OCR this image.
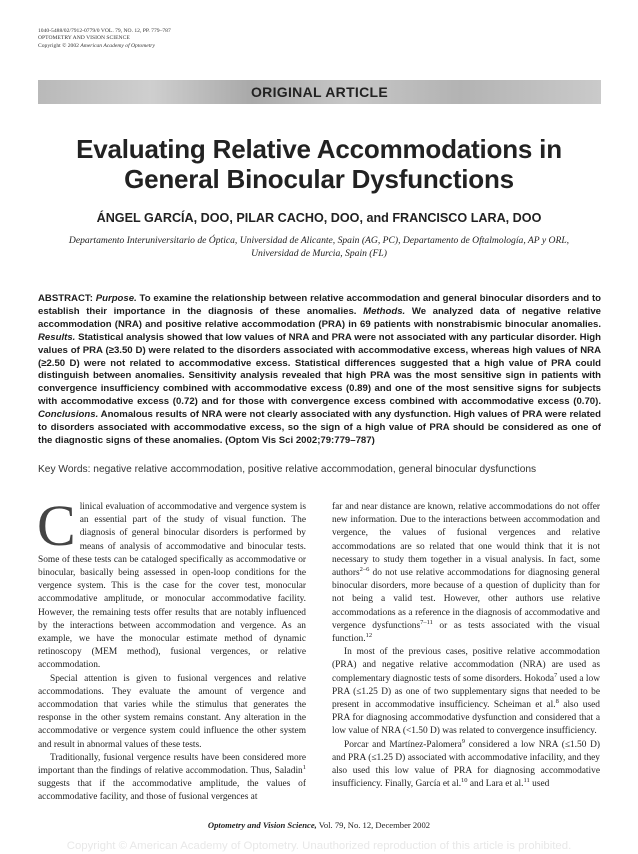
1040-5488/02/7912-0779/0 VOL. 79, NO. 12, PP. 779–787
OPTOMETRY AND VISION SCIENCE
Copyright © 2002 American Academy of Optometry
ORIGINAL ARTICLE
Evaluating Relative Accommodations in General Binocular Dysfunctions
ÁNGEL GARCÍA, DOO, PILAR CACHO, DOO, and FRANCISCO LARA, DOO
Departamento Interuniversitario de Óptica, Universidad de Alicante, Spain (AG, PC), Departamento de Oftalmología, AP y ORL, Universidad de Murcia, Spain (FL)
ABSTRACT: Purpose. To examine the relationship between relative accommodation and general binocular disorders and to establish their importance in the diagnosis of these anomalies. Methods. We analyzed data of negative relative accommodation (NRA) and positive relative accommodation (PRA) in 69 patients with nonstrabismic binocular anomalies. Results. Statistical analysis showed that low values of NRA and PRA were not associated with any particular disorder. High values of PRA (≥3.50 D) were related to the disorders associated with accommodative excess, whereas high values of NRA (≥2.50 D) were not related to accommodative excess. Statistical differences suggested that a high value of PRA could distinguish between anomalies. Sensitivity analysis revealed that high PRA was the most sensitive sign in patients with convergence insufficiency combined with accommodative excess (0.89) and one of the most sensitive signs for subjects with accommodative excess (0.72) and for those with convergence excess combined with accommodative excess (0.70). Conclusions. Anomalous results of NRA were not clearly associated with any dysfunction. High values of PRA were related to disorders associated with accommodative excess, so the sign of a high value of PRA should be considered as one of the diagnostic signs of these anomalies. (Optom Vis Sci 2002;79:779–787)
Key Words: negative relative accommodation, positive relative accommodation, general binocular dysfunctions

Clinical evaluation of accommodative and vergence system is an essential part of the study of visual function. The diagnosis of general binocular disorders is performed by means of analysis of accommodative and binocular tests. Some of these tests can be cataloged specifically as accommodative or binocular, basically being assessed in open-loop conditions for the vergence system. This is the case for the cover test, monocular accommodative amplitude, or monocular accommodative facility. However, the remaining tests offer results that are notably influenced by the interactions between accommodation and vergence. As an example, we have the monocular estimate method of dynamic retinoscopy (MEM method), fusional vergences, or relative accommodation.

Special attention is given to fusional vergences and relative accommodations. They evaluate the amount of vergence and accommodation that varies while the stimulus that generates the response in the other system remains constant. Any alteration in the accommodative or vergence system could influence the other system and result in abnormal values of these tests.

Traditionally, fusional vergence results have been considered more important than the findings of relative accommodation. Thus, Saladin$^1$ suggests that if the accommodative amplitude, the values of accommodative facility, and those of fusional vergences at

far and near distance are known, relative accommodations do not offer new information. Due to the interactions between accommodation and vergence, the values of fusional vergences and relative accommodations are so related that one would think that it is not necessary to study them together in a visual analysis. In fact, some authors$^{2-6}$ do not use relative accommodations for diagnosing general binocular disorders, more because of a question of duplicity than for not being a valid test. However, other authors use relative accommodations as a reference in the diagnosis of accommodative and vergence dysfunctions$^{7-11}$ or as tests associated with the visual function.$^{12}$

In most of the previous cases, positive relative accommodation (PRA) and negative relative accommodation (NRA) are used as complementary diagnostic tests of some disorders. Hokoda$^7$ used a low PRA (≤1.25 D) as one of two supplementary signs that needed to be present in accommodative insufficiency. Scheiman et al.$^8$ also used PRA for diagnosing accommodative dysfunction and considered that a low value of NRA (<1.50 D) was related to convergence insufficiency.

Porcar and Martínez-Palomera$^9$ considered a low NRA (≤1.50 D) and PRA (≤1.25 D) associated with accommodative infacility, and they also used this low value of PRA for diagnosing accommodative insufficiency. Finally, García et al.$^{10}$ and Lara et al.$^{11}$ used

Optometry and Vision Science, Vol. 79, No. 12, December 2002
Copyright © American Academy of Optometry. Unauthorized reproduction of this article is prohibited.
